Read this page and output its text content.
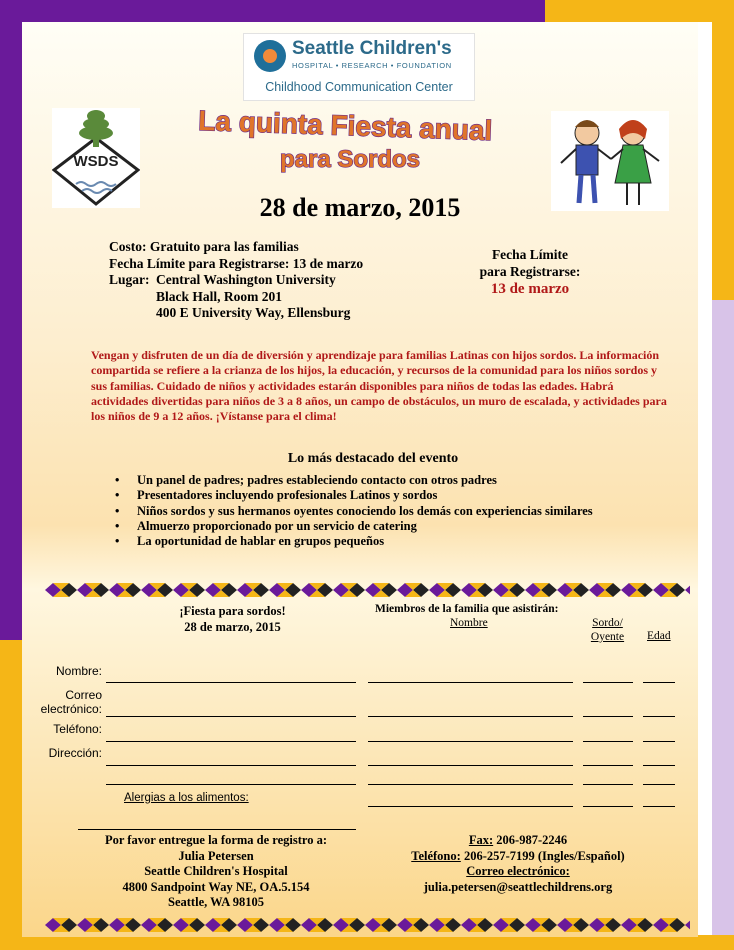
Seattle Children's
HOSPITAL • RESEARCH • FOUNDATION
Childhood Communication Center
WSDS
La quinta Fiesta anual
para Sordos
28 de marzo, 2015
Costo: Gratuito para las familias
Fecha Límite para Registrarse: 13 de marzo
Lugar: Central Washington University
Black Hall, Room 201
400 E University Way, Ellensburg
Fecha Límite
para Registrarse:
13 de marzo
Vengan y disfruten de un día de diversión y aprendizaje para familias Latinas con hijos sordos. La información compartida se refiere a la crianza de los hijos, la educación, y recursos de la comunidad para los niños sordos y sus familias. Cuidado de niños y actividades estarán disponibles para niños de todas las edades. Habrá actividades divertidas para niños de 3 a 8 años, un campo de obstáculos, un muro de escalada, y actividades para los niños de 9 a 12 años. ¡Vístanse para el clima!
Lo más destacado del evento
• Un panel de padres; padres estableciendo contacto con otros padres
• Presentadores incluyendo profesionales Latinos y sordos
• Niños sordos y sus hermanos oyentes conociendo los demás con experiencias similares
• Almuerzo proporcionado por un servicio de catering
• La oportunidad de hablar en grupos pequeños
¡Fiesta para sordos!
28 de marzo, 2015
Miembros de la familia que asistirán:
Nombre	Sordo/
Oyente	Edad
Nombre:
Correo
electrónico:
Teléfono:
Dirección:
Alergias a los alimentos:
Por favor entregue la forma de registro a:
Julia Petersen
Seattle Children's Hospital
4800 Sandpoint Way NE, OA.5.154
Seattle, WA 98105
Fax: 206-987-2246
Teléfono: 206-257-7199 (Ingles/Español)
Correo electrónico:
julia.petersen@seattlechildrens.org
